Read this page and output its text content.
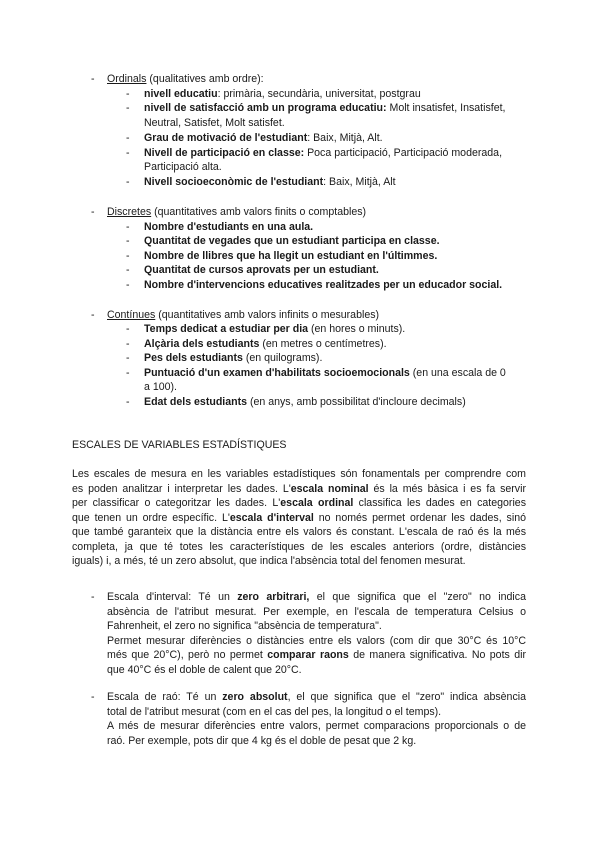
- Ordinals (qualitatives amb ordre):
- nivell educatiu: primària, secundària, universitat, postgrau
- nivell de satisfacció amb un programa educatiu: Molt insatisfet, Insatisfet,
Neutral, Satisfet, Molt satisfet.
- Grau de motivació de l'estudiant: Baix, Mitjà, Alt.
- Nivell de participació en classe: Poca participació, Participació moderada,
Participació alta.
- Nivell socioeconòmic de l'estudiant: Baix, Mitjà, Alt
- Discretes (quantitatives amb valors finits o comptables)
- Nombre d'estudiants en una aula.
- Quantitat de vegades que un estudiant participa en classe.
- Nombre de llibres que ha llegit un estudiant en l'últimmes.
- Quantitat de cursos aprovats per un estudiant.
- Nombre d'intervencions educatives realitzades per un educador social.
- Contínues (quantitatives amb valors infinits o mesurables)
- Temps dedicat a estudiar per dia (en hores o minuts).
- Alçària dels estudiants (en metres o centímetres).
- Pes dels estudiants (en quilograms).
- Puntuació d'un examen d'habilitats socioemocionals (en una escala de 0
a 100).
- Edat dels estudiants (en anys, amb possibilitat d'incloure decimals)
ESCALES DE VARIABLES ESTADÍSTIQUES
Les escales de mesura en les variables estadístiques són fonamentals per comprendre com
es poden analitzar i interpretar les dades. L'escala nominal és la més bàsica i es fa servir
per classificar o categoritzar les dades. L'escala ordinal classifica les dades en categories
que tenen un ordre específic. L'escala d'interval no només permet ordenar les dades, sinó
que també garanteix que la distància entre els valors és constant. L'escala de raó és la més
completa, ja que té totes les característiques de les escales anteriors (ordre, distàncies
iguals) i, a més, té un zero absolut, que indica l'absència total del fenomen mesurat.
- Escala d'interval: Té un zero arbitrari, el que significa que el "zero" no indica
absència de l'atribut mesurat. Per exemple, en l'escala de temperatura Celsius o
Fahrenheit, el zero no significa "absència de temperatura".
Permet mesurar diferències o distàncies entre els valors (com dir que 30°C és 10°C
més que 20°C), però no permet comparar raons de manera significativa. No pots dir
que 40°C és el doble de calent que 20°C.
- Escala de raó: Té un zero absolut, el que significa que el "zero" indica absència
total de l'atribut mesurat (com en el cas del pes, la longitud o el temps).
A més de mesurar diferències entre valors, permet comparacions proporcionals o de
raó. Per exemple, pots dir que 4 kg és el doble de pesat que 2 kg.
